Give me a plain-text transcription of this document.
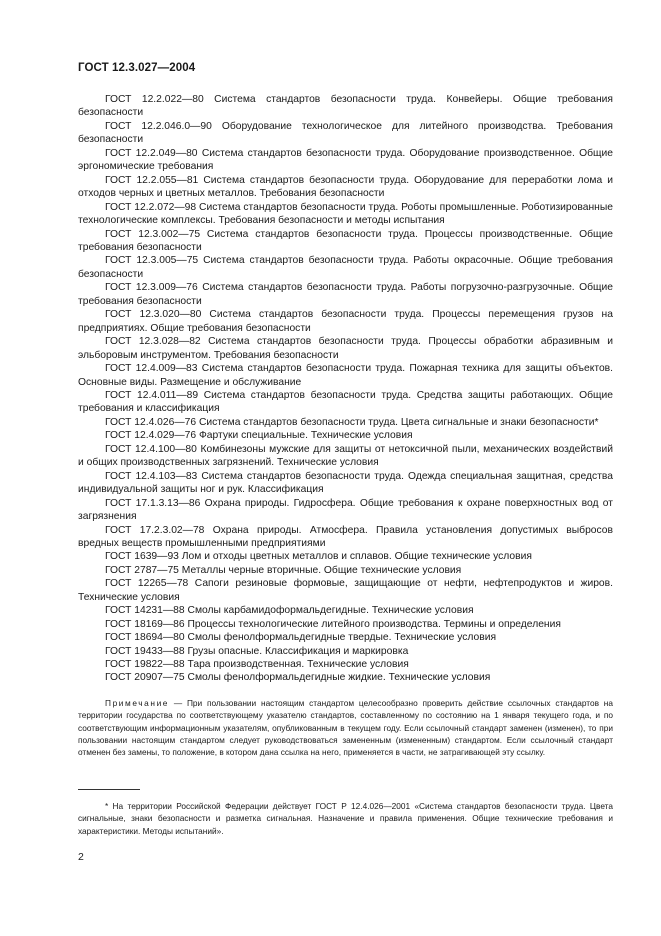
ГОСТ 12.3.027—2004

ГОСТ 12.2.022—80 Система стандартов безопасности труда. Конвейеры. Общие требования безопасности

ГОСТ 12.2.046.0—90 Оборудование технологическое для литейного производства. Требования безопасности

ГОСТ 12.2.049—80 Система стандартов безопасности труда. Оборудование производственное. Общие эргономические требования

ГОСТ 12.2.055—81 Система стандартов безопасности труда. Оборудование для переработки лома и отходов черных и цветных металлов. Требования безопасности

ГОСТ 12.2.072—98 Система стандартов безопасности труда. Роботы промышленные. Роботизированные технологические комплексы. Требования безопасности и методы испытания

ГОСТ 12.3.002—75 Система стандартов безопасности труда. Процессы производственные. Общие требования безопасности

ГОСТ 12.3.005—75 Система стандартов безопасности труда. Работы окрасочные. Общие требования безопасности

ГОСТ 12.3.009—76 Система стандартов безопасности труда. Работы погрузочно-разгрузочные. Общие требования безопасности

ГОСТ 12.3.020—80 Система стандартов безопасности труда. Процессы перемещения грузов на предприятиях. Общие требования безопасности

ГОСТ 12.3.028—82 Система стандартов безопасности труда. Процессы обработки абразивным и эльборовым инструментом. Требования безопасности

ГОСТ 12.4.009—83 Система стандартов безопасности труда. Пожарная техника для защиты объектов. Основные виды. Размещение и обслуживание

ГОСТ 12.4.011—89 Система стандартов безопасности труда. Средства защиты работающих. Общие требования и классификация

ГОСТ 12.4.026—76 Система стандартов безопасности труда. Цвета сигнальные и знаки безопасности*

ГОСТ 12.4.029—76 Фартуки специальные. Технические условия

ГОСТ 12.4.100—80 Комбинезоны мужские для защиты от нетоксичной пыли, механических воздействий и общих производственных загрязнений. Технические условия

ГОСТ 12.4.103—83 Система стандартов безопасности труда. Одежда специальная защитная, средства индивидуальной защиты ног и рук. Классификация

ГОСТ 17.1.3.13—86 Охрана природы. Гидросфера. Общие требования к охране поверхностных вод от загрязнения

ГОСТ 17.2.3.02—78 Охрана природы. Атмосфера. Правила установления допустимых выбросов вредных веществ промышленными предприятиями

ГОСТ 1639—93 Лом и отходы цветных металлов и сплавов. Общие технические условия

ГОСТ 2787—75 Металлы черные вторичные. Общие технические условия

ГОСТ 12265—78 Сапоги резиновые формовые, защищающие от нефти, нефтепродуктов и жиров. Технические условия

ГОСТ 14231—88 Смолы карбамидоформальдегидные. Технические условия

ГОСТ 18169—86 Процессы технологические литейного производства. Термины и определения

ГОСТ 18694—80 Смолы фенолформальдегидные твердые. Технические условия

ГОСТ 19433—88 Грузы опасные. Классификация и маркировка

ГОСТ 19822—88 Тара производственная. Технические условия

ГОСТ 20907—75 Смолы фенолформальдегидные жидкие. Технические условия

Примечание — При пользовании настоящим стандартом целесообразно проверить действие ссылочных стандартов на территории государства по соответствующему указателю стандартов, составленному по состоянию на 1 января текущего года, и по соответствующим информационным указателям, опубликованным в текущем году. Если ссылочный стандарт заменен (изменен), то при пользовании настоящим стандартом следует руководствоваться замененным (измененным) стандартом. Если ссылочный стандарт отменен без замены, то положение, в котором дана ссылка на него, применяется в части, не затрагивающей эту ссылку.

* На территории Российской Федерации действует ГОСТ Р 12.4.026—2001 «Система стандартов безопасности труда. Цвета сигнальные, знаки безопасности и разметка сигнальная. Назначение и правила применения. Общие технические требования и характеристики. Методы испытаний».

2
